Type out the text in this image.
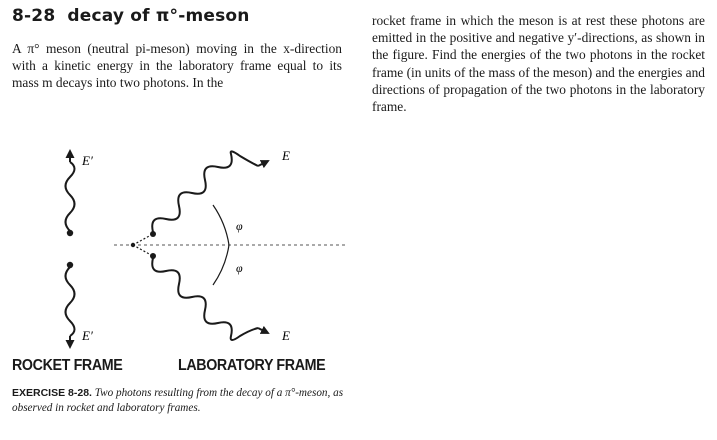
8-28 decay of π°-meson
A π° meson (neutral pi-meson) moving in the x-direction with a kinetic energy in the laboratory frame equal to its mass m decays into two photons. In the
rocket frame in which the meson is at rest these photons are emitted in the positive and negative y′-directions, as shown in the figure. Find the energies of the two photons in the rocket frame (in units of the mass of the meson) and the energies and directions of propagation of the two photons in the laboratory frame.
E′
E′
φ
φ
E
E
ROCKET FRAME	LABORATORY FRAME
EXERCISE 8-28. Two photons resulting from the decay of a π°-meson, as observed in rocket and laboratory frames.
